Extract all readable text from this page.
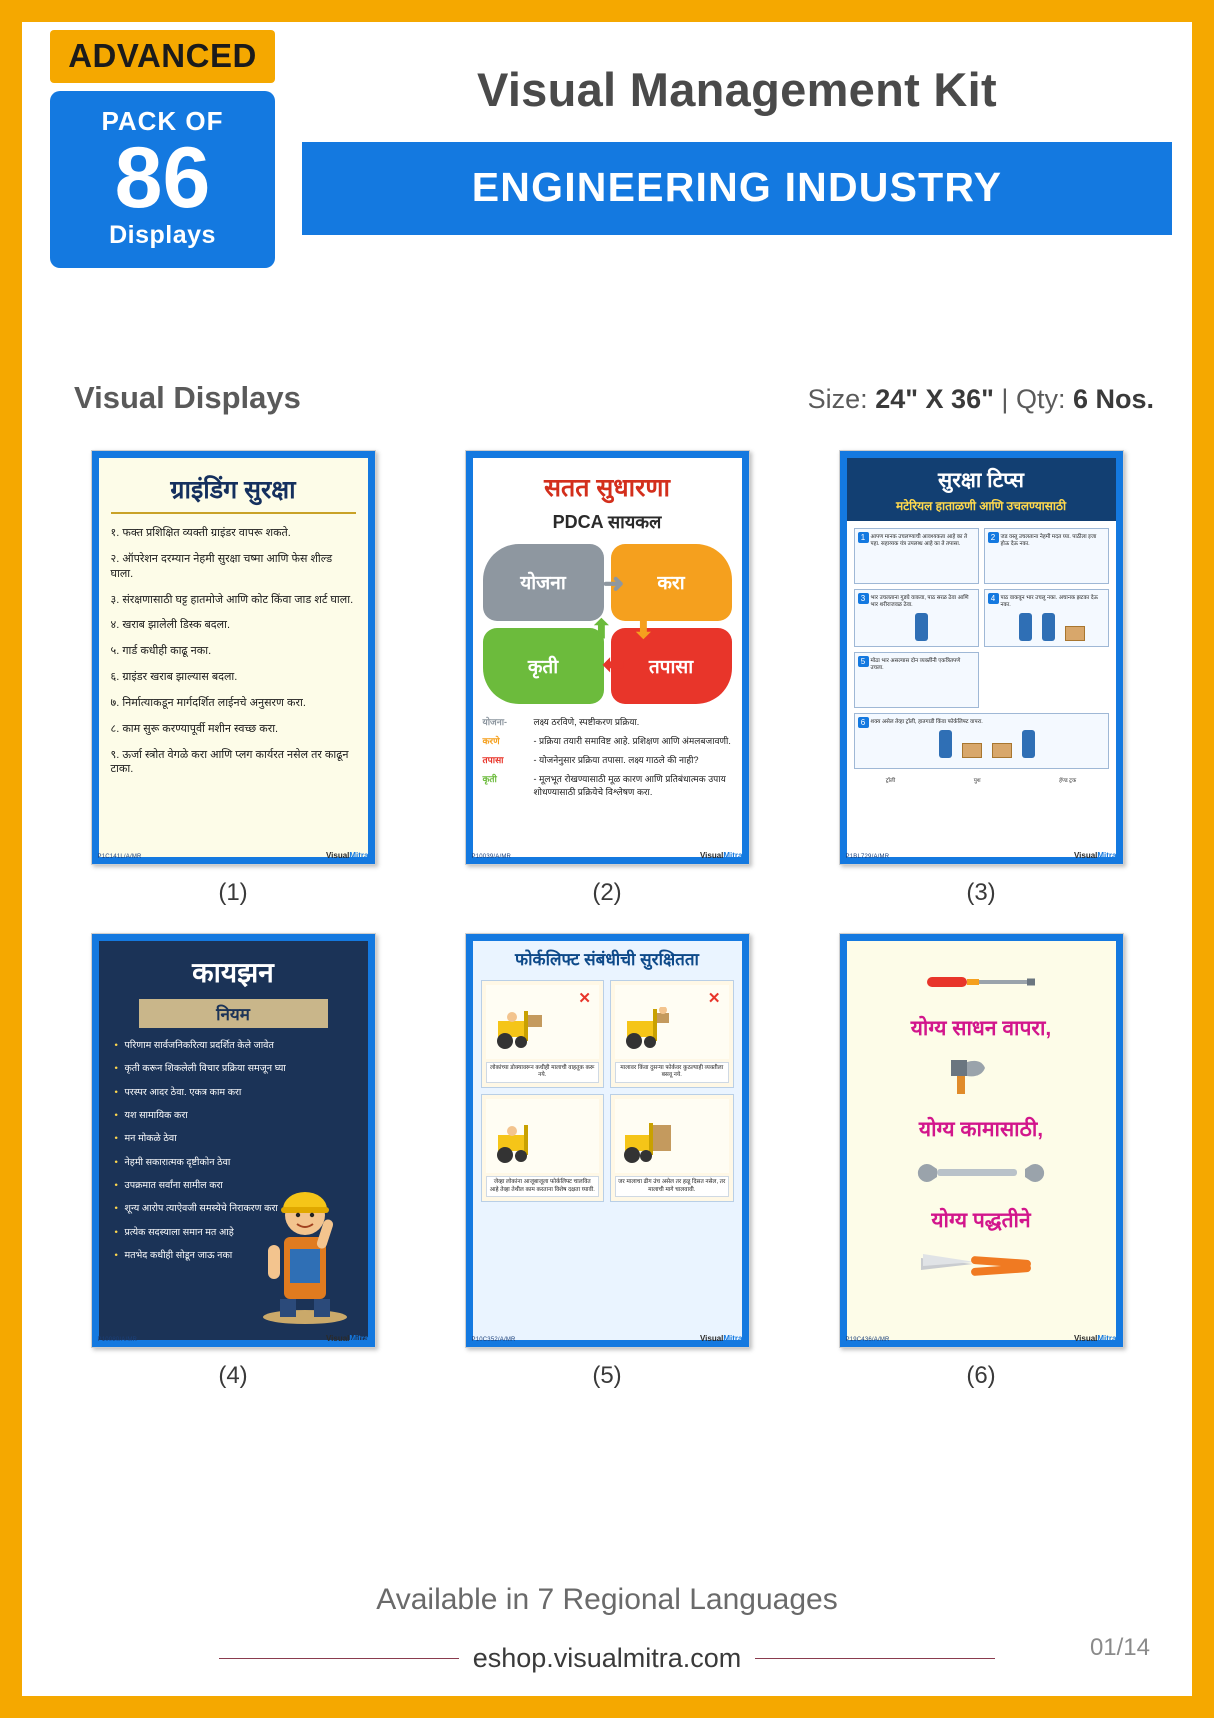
ADVANCED
PACK OF
86
Displays
Visual Management Kit
ENGINEERING INDUSTRY
Visual Displays	Size: 24" X 36" | Qty: 6 Nos.
ग्राइंडिंग सुरक्षा
१. फक्त प्रशिक्षित व्यक्ती ग्राइंडर वापरू शकते.
२. ऑपरेशन दरम्यान नेहमी सुरक्षा चष्मा आणि फेस शील्ड घाला.
३. संरक्षणासाठी घट्ट हातमोजे आणि कोट किंवा जाड शर्ट घाला.
४. खराब झालेली डिस्क बदला.
५. गार्ड कधीही काढू नका.
६. ग्राइंडर खराब झाल्यास बदला.
७. निर्मात्याकडून मार्गदर्शित लाईनचे अनुसरण करा.
८. काम सुरू करण्यापूर्वी मशीन स्वच्छ करा.
९. ऊर्जा स्त्रोत वेगळे करा आणि प्लग कार्यरत नसेल तर काढून टाका.
P1C141L/A/MR	VisualMitra
(1)
सतत सुधारणा
PDCA सायकल
योजना	करा
कृती	तपासा
➜
⬇
⬅
⬆
योजना-	लक्ष्य ठरविणे, स्पष्टीकरण प्रक्रिया.
करणे	- प्रक्रिया तयारी समाविष्ट आहे. प्रशिक्षण आणि अंमलबजावणी.
तपासा	- योजनेनुसार प्रक्रिया तपासा. लक्ष्य गाठले की नाही?
कृती	- मूलभूत रोखण्यासाठी मूळ कारण आणि प्रतिबंधात्मक उपाय शोधण्यासाठी प्रक्रियेचे विश्लेषण करा.
P10039/A/MR	VisualMitra
(2)
सुरक्षा टिप्स
मटेरियल हाताळणी आणि उचलण्यासाठी
1 आपण मानक उचलण्याची आवश्यकता आहे का ते पहा. सहाय्यक यंत्र उपलब्ध आहे का ते तपासा.
2 जड वस्तू उचलताना नेहमी मदत घ्या. पाठीला इजा होऊ देऊ नका.
3 भार उचलताना गुडघे वाकवा, पाठ सरळ ठेवा आणि भार शरीराजवळ ठेवा.
4 पाठ वाकवून भार उचलू नका. अचानक झटका देऊ नका.
5 मोठा भार असल्यास दोन व्यक्तींनी एकत्रितपणे उचला.
6 शक्य असेल तेव्हा ट्रॉली, हातगाडी किंवा फोर्कलिफ्ट वापरा.
ट्रॉली	पुश	हॅण्ड ट्रक
P1BL729/A/MR	VisualMitra
(3)
कायझन
नियम
• परिणाम सार्वजनिकरित्या प्रदर्शित केले जावेत
• कृती करून शिकलेली विचार प्रक्रिया समजून घ्या
• परस्पर आदर ठेवा. एकत्र काम करा
• यश सामायिक करा
• मन मोकळे ठेवा
• नेहमी सकारात्मक दृष्टीकोन ठेवा
• उपक्रमात सर्वांना सामील करा
• शून्य आरोप त्याऐवजी समस्येचे निराकरण करा
• प्रत्येक सदस्याला समान मत आहे
• मतभेद कधीही सोडून जाऊ नका
P10080/A/MR	VisualMitra
(4)
फोर्कलिफ्ट संबंधीची सुरक्षितता
✕
लोकांच्या डोक्यावरून कधीही मालाची वाहतूक करू नये.
✕
मालावर किंवा दुसऱ्या फोर्कवर कुठल्याही व्यक्तीला बसवू नये.
जेव्हा लोकांना आजूबाजूला फोर्कलिफ्ट चालवित आहे तेव्हा तेथील काम करताना विशेष दक्षता घ्यावी.
जर मालाचा ढीग उंच असेल तर हळू दिसत नसेल, तर मालाची मागे चालवावी.
P10C352/A/MR	VisualMitra
(5)
योग्य साधन वापरा,
योग्य कामासाठी,
योग्य पद्धतीने
P19C436/A/MR	VisualMitra
(6)
Available in 7 Regional Languages
eshop.visualmitra.com	01/14
